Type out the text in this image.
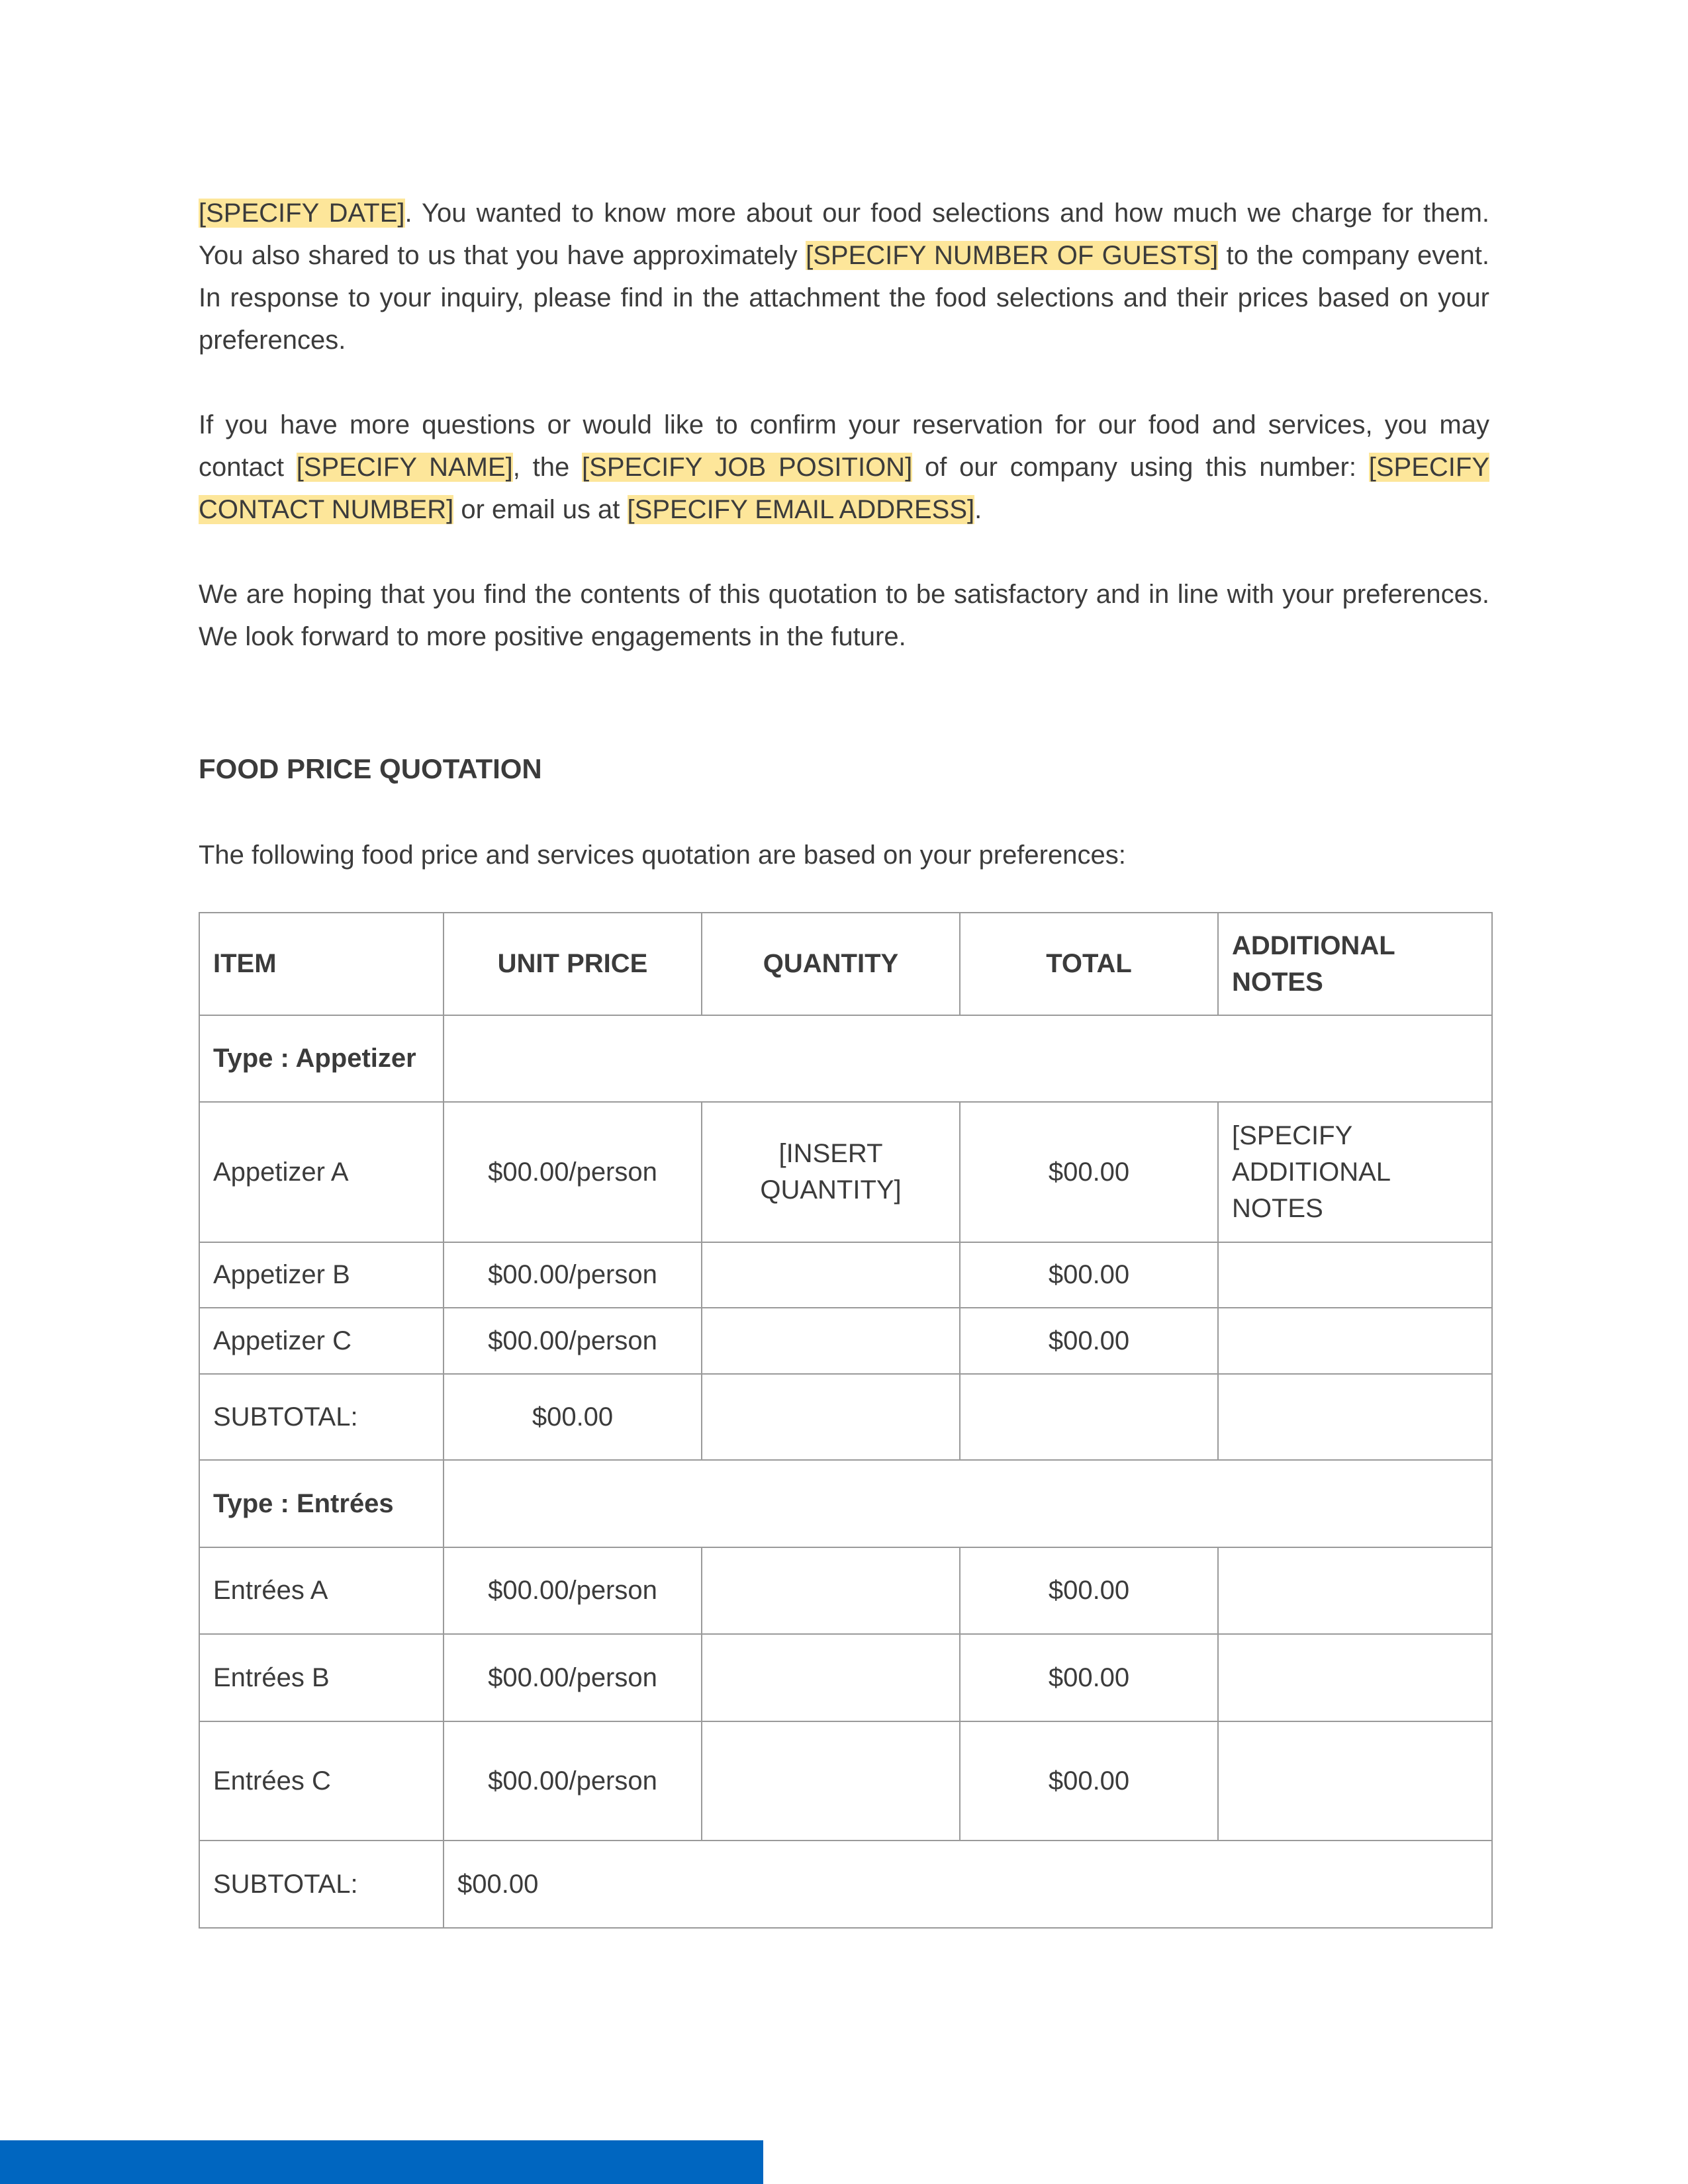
[SPECIFY DATE]. You wanted to know more about our food selections and how much we charge for them. You also shared to us that you have approximately [SPECIFY NUMBER OF GUESTS] to the company event. In response to your inquiry, please find in the attachment the food selections and their prices based on your preferences.

If you have more questions or would like to confirm your reservation for our food and services, you may contact [SPECIFY NAME], the [SPECIFY JOB POSITION] of our company using this number: [SPECIFY CONTACT NUMBER] or email us at [SPECIFY EMAIL ADDRESS].

We are hoping that you find the contents of this quotation to be satisfactory and in line with your preferences. We look forward to more positive engagements in the future.

FOOD PRICE QUOTATION

The following food price and services quotation are based on your preferences:

ITEM	UNIT PRICE	QUANTITY	TOTAL	ADDITIONAL NOTES
Type : Appetizer				
Appetizer A	$00.00/person	[INSERT QUANTITY]	$00.00	[SPECIFY ADDITIONAL NOTES
Appetizer B	$00.00/person		$00.00	
Appetizer C	$00.00/person		$00.00	
SUBTOTAL:	$00.00			
Type : Entrées				
Entrées A	$00.00/person		$00.00	
Entrées B	$00.00/person		$00.00	
Entrées C	$00.00/person		$00.00	
SUBTOTAL:	$00.00			
